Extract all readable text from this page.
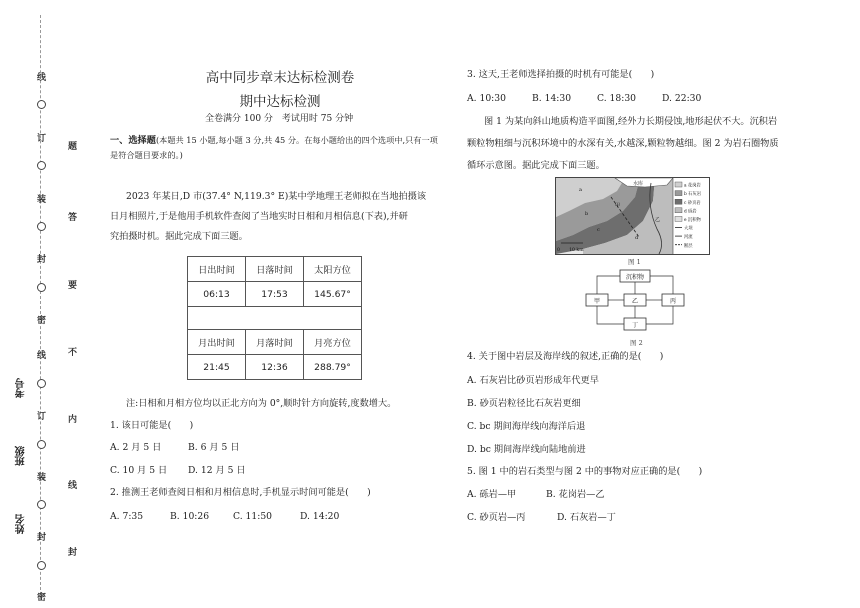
考号
班级
姓名
线
订
装
封
密
线
订
装
封
密
题
答
要
不
内
线
封
高中同步章末达标检测卷
期中达标检测
全卷满分 100 分　考试用时 75 分钟
一、选择题(本题共 15 小题,每小题 3 分,共 45 分。在每小题给出的四个选项中,只有一项
是符合题目要求的。)
2023 年某日,D 市(37.4° N,119.3° E)某中学地理王老师拟在当地拍摄该
日月相照片,于是他用手机软件查阅了当地实时日相和月相信息(下表),并研
究拍摄时机。据此完成下面三题。
日出时间	日落时间	太阳方位
06:13	17:53	145.67°

月出时间	月落时间	月亮方位
21:45	12:36	288.79°
注:日相和月相方位均以正北方向为 0°,顺时针方向旋转,度数增大。
1. 该日可能是(　　)
A. 2 月 5 日	B. 6 月 5 日
C. 10 月 5 日 D. 12 月 5 日
2. 推测王老师查阅日相和月相信息时,手机显示时间可能是(　　)
A. 7:35	B. 10:26	C. 11:50	D. 14:20
3. 这天,王老师选择拍摄的时机有可能是(　　)
A. 10:30	B. 14:30	C. 18:30	D. 22:30
图 1 为某向斜山地质构造平面图,经外力长期侵蚀,地形起伏不大。沉积岩
颗粒物粗细与沉积环境中的水深有关,水越深,颗粒物越细。图 2 为岩石圈物质
循环示意图。据此完成下面三题。
a 花岗岩
b 石灰岩
c 砂页岩
d 砾岩
e 沉积物
大坝
河流
断层
水库
0　　10 km
a
b
c
d
甲
乙
图 1
沉积物
甲	乙	丙
丁
图 2
4. 关于图中岩层及海岸线的叙述,正确的是(　　)
A. 石灰岩比砂页岩形成年代更早
B. 砂页岩粒径比石灰岩更细
C. bc 期间海岸线向海洋后退
D. bc 期间海岸线向陆地前进
5. 图 1 中的岩石类型与图 2 中的事物对应正确的是(　　)
A. 砾岩—甲	B. 花岗岩—乙
C. 砂页岩—丙	D. 石灰岩—丁
